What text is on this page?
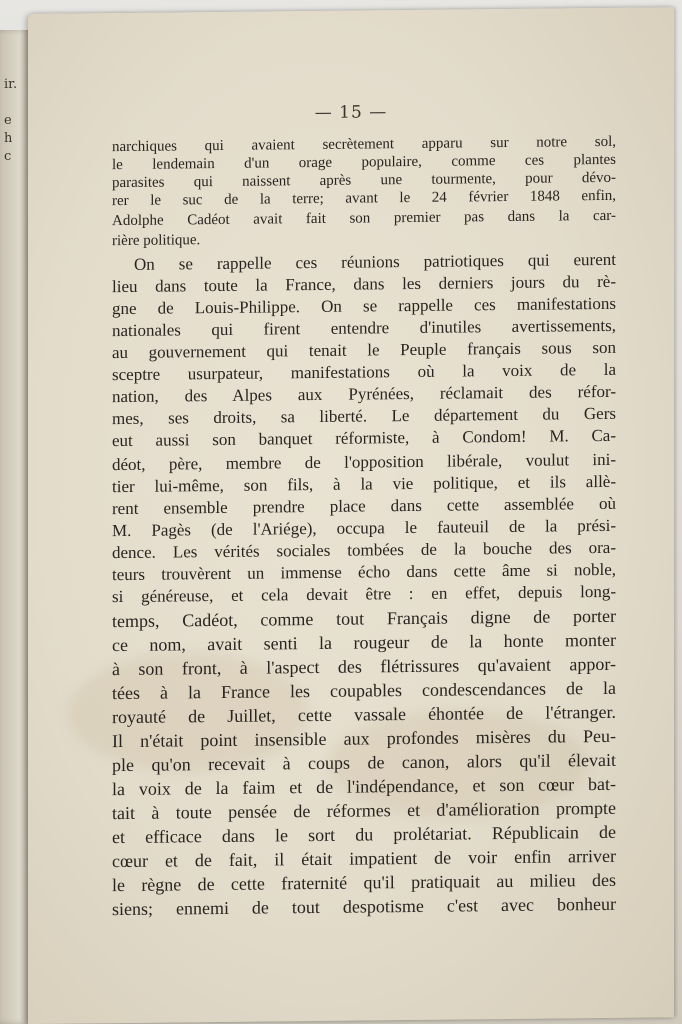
ir.
e
h
c
— 15 —
narchiques qui avaient secrètement apparu sur notre sol,
le lendemain d'un orage populaire, comme ces plantes
parasites qui naissent après une tourmente, pour dévo-
rer le suc de la terre; avant le 24 février 1848 enfin,
Adolphe Cadéot avait fait son premier pas dans la car-
rière politique.
On se rappelle ces réunions patriotiques qui eurent
lieu dans toute la France, dans les derniers jours du rè-
gne de Louis-Philippe. On se rappelle ces manifestations
nationales qui firent entendre d'inutiles avertissements,
au gouvernement qui tenait le Peuple français sous son
sceptre usurpateur, manifestations où la voix de la
nation, des Alpes aux Pyrénées, réclamait des réfor-
mes, ses droits, sa liberté. Le département du Gers
eut aussi son banquet réformiste, à Condom! M. Ca-
déot, père, membre de l'opposition libérale, voulut ini-
tier lui-même, son fils, à la vie politique, et ils allè-
rent ensemble prendre place dans cette assemblée où
M. Pagès (de l'Ariége), occupa le fauteuil de la prési-
dence. Les vérités sociales tombées de la bouche des ora-
teurs trouvèrent un immense écho dans cette âme si noble,
si généreuse, et cela devait être : en effet, depuis long-
temps, Cadéot, comme tout Français digne de porter
ce nom, avait senti la rougeur de la honte monter
à son front, à l'aspect des flétrissures qu'avaient appor-
tées à la France les coupables condescendances de la
royauté de Juillet, cette vassale éhontée de l'étranger.
Il n'était point insensible aux profondes misères du Peu-
ple qu'on recevait à coups de canon, alors qu'il élevait
la voix de la faim et de l'indépendance, et son cœur bat-
tait à toute pensée de réformes et d'amélioration prompte
et efficace dans le sort du prolétariat. Républicain de
cœur et de fait, il était impatient de voir enfin arriver
le règne de cette fraternité qu'il pratiquait au milieu des
siens; ennemi de tout despotisme c'est avec bonheur
